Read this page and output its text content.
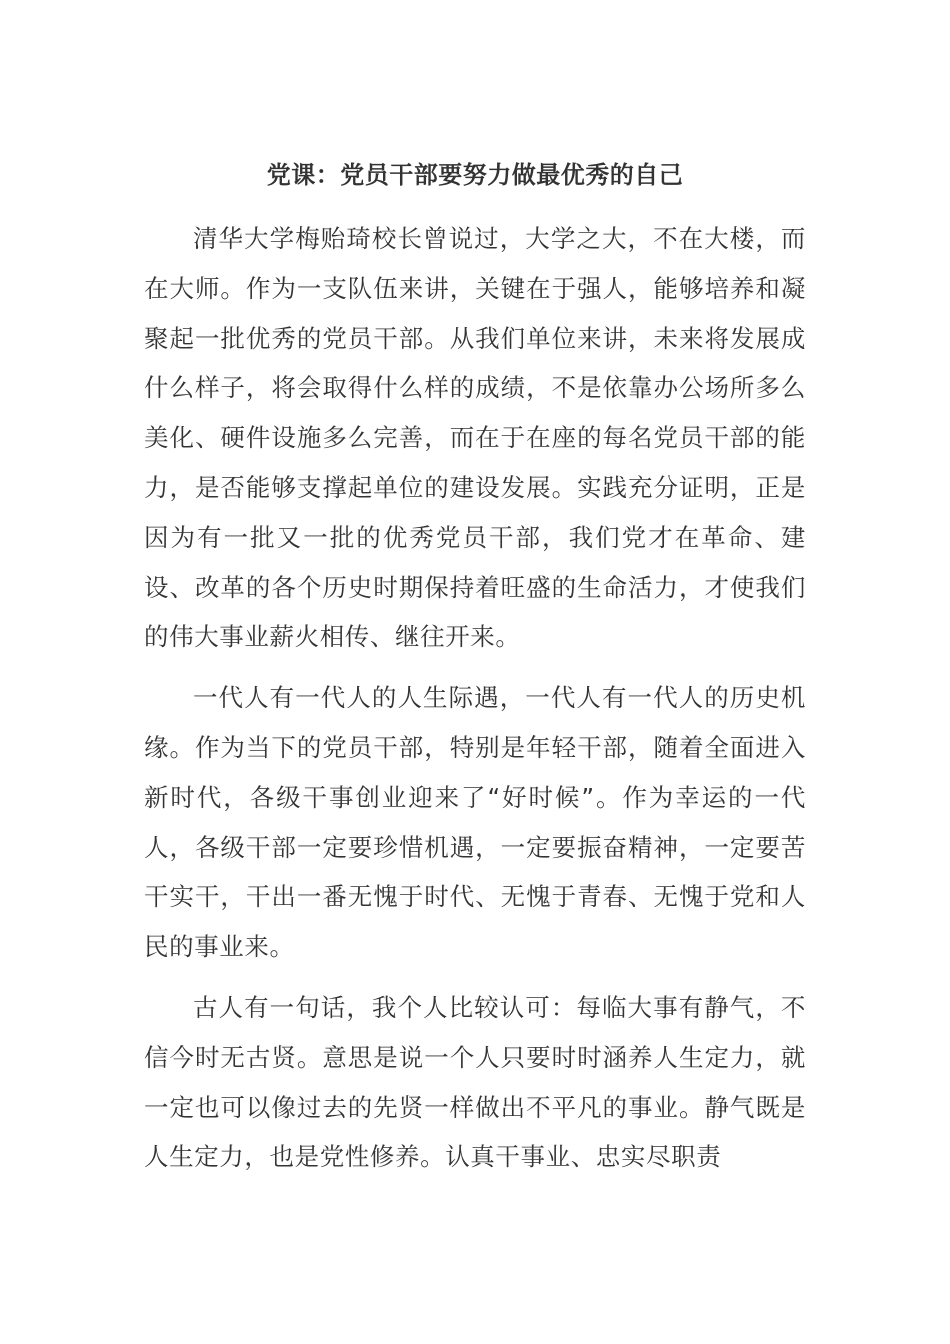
党课：党员干部要努力做最优秀的自己

清华大学梅贻琦校长曾说过，大学之大，不在大楼，而在大师。作为一支队伍来讲，关键在于强人，能够培养和凝聚起一批优秀的党员干部。从我们单位来讲，未来将发展成什么样子，将会取得什么样的成绩，不是依靠办公场所多么美化、硬件设施多么完善，而在于在座的每名党员干部的能力，是否能够支撑起单位的建设发展。实践充分证明，正是因为有一批又一批的优秀党员干部，我们党才在革命、建设、改革的各个历史时期保持着旺盛的生命活力，才使我们的伟大事业薪火相传、继往开来。

一代人有一代人的人生际遇，一代人有一代人的历史机缘。作为当下的党员干部，特别是年轻干部，随着全面进入新时代，各级干事创业迎来了“好时候”。作为幸运的一代人，各级干部一定要珍惜机遇，一定要振奋精神，一定要苦干实干，干出一番无愧于时代、无愧于青春、无愧于党和人民的事业来。

古人有一句话，我个人比较认可：每临大事有静气，不信今时无古贤。意思是说一个人只要时时涵养人生定力，就一定也可以像过去的先贤一样做出不平凡的事业。静气既是人生定力，也是党性修养。认真干事业、忠实尽职责
